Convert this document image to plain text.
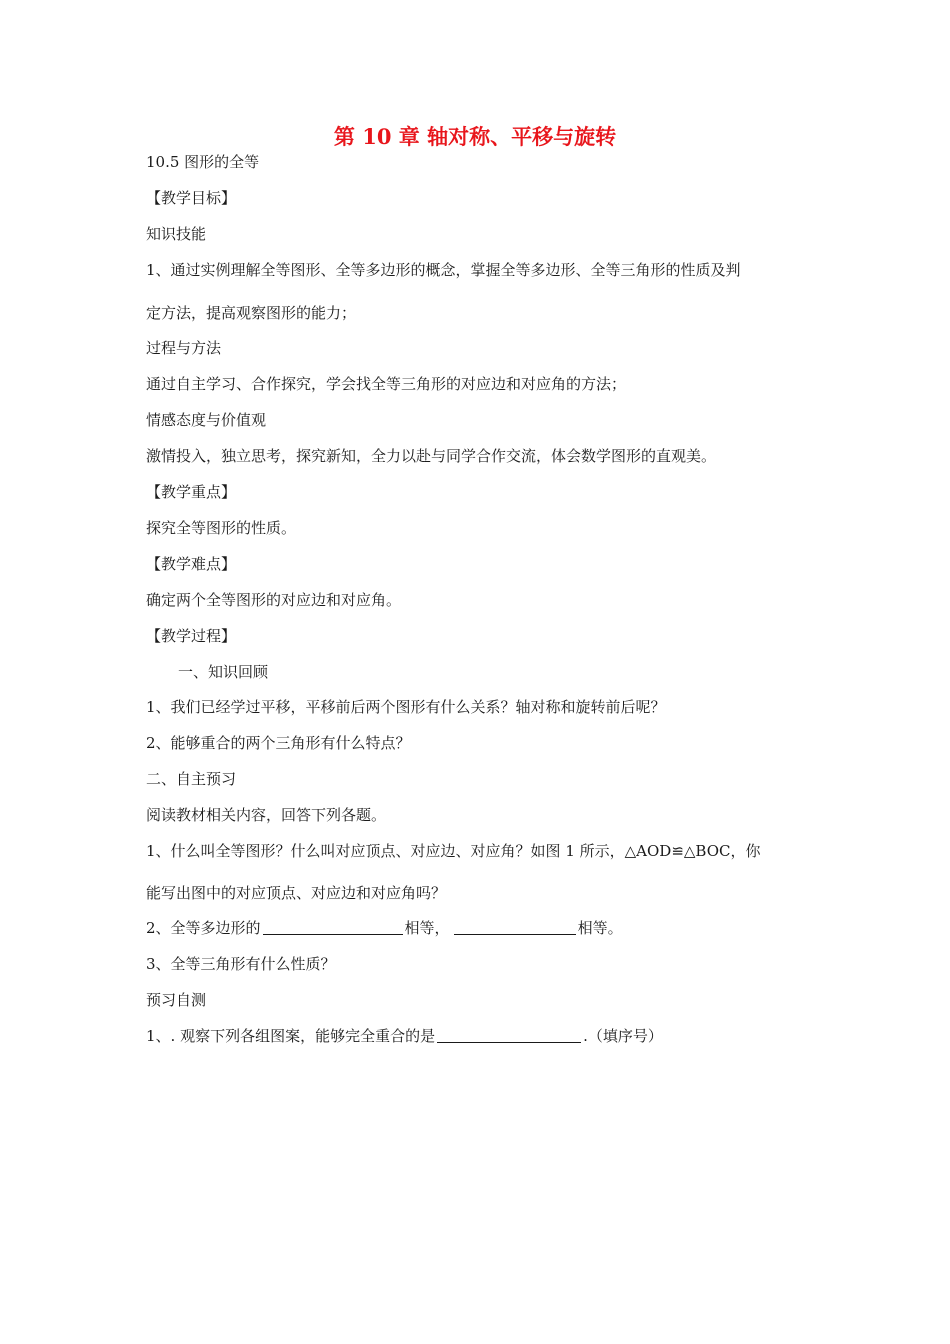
第 10 章 轴对称、平移与旋转
10.5 图形的全等
【教学目标】
知识技能
1、通过实例理解全等图形、全等多边形的概念，掌握全等多边形、全等三角形的性质及判
定方法，提高观察图形的能力；
过程与方法
通过自主学习、合作探究，学会找全等三角形的对应边和对应角的方法；
情感态度与价值观
激情投入，独立思考，探究新知，全力以赴与同学合作交流，体会数学图形的直观美。
【教学重点】
探究全等图形的性质。
【教学难点】
确定两个全等图形的对应边和对应角。
【教学过程】
一、知识回顾
1、我们已经学过平移，平移前后两个图形有什么关系？轴对称和旋转前后呢？
2、能够重合的两个三角形有什么特点？
二、自主预习
阅读教材相关内容，回答下列各题。
1、什么叫全等图形？什么叫对应顶点、对应边、对应角？如图 1 所示，△AOD≌△BOC，你
能写出图中的对应顶点、对应边和对应角吗？
2、全等多边形的	相等，	相等。
3、全等三角形有什么性质？
预习自测
1、. 观察下列各组图案，能够完全重合的是	.（填序号）
